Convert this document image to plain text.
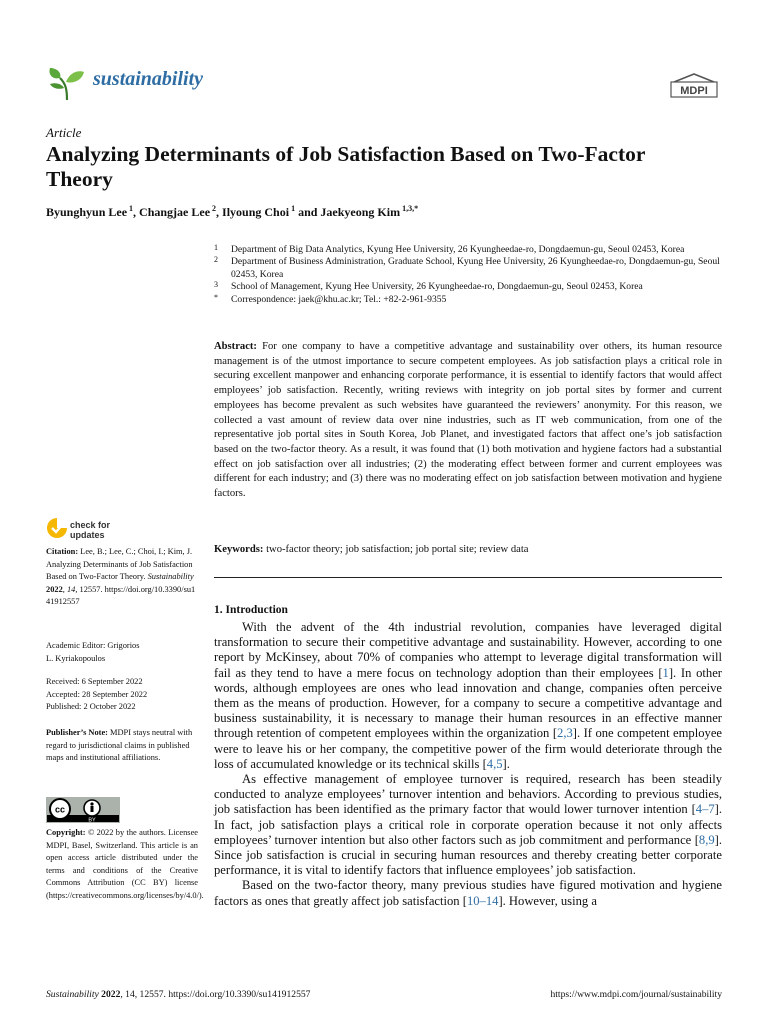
sustainability
MDPI
Article
Analyzing Determinants of Job Satisfaction Based on Two-Factor Theory
Byunghyun Lee $^1$, Changjae Lee $^2$, Ilyoung Choi $^1$ and Jaekyeong Kim $^{1,3,*}$
1 Department of Big Data Analytics, Kyung Hee University, 26 Kyungheedae-ro, Dongdaemun-gu, Seoul 02453, Korea
2 Department of Business Administration, Graduate School, Kyung Hee University, 26 Kyungheedae-ro, Dongdaemun-gu, Seoul 02453, Korea
3 School of Management, Kyung Hee University, 26 Kyungheedae-ro, Dongdaemun-gu, Seoul 02453, Korea
* Correspondence: jaek@khu.ac.kr; Tel.: +82-2-961-9355
Abstract: For one company to have a competitive advantage and sustainability over others, its human resource management is of the utmost importance to secure competent employees. As job satisfaction plays a critical role in securing excellent manpower and enhancing corporate performance, it is essential to identify factors that would affect employees’ job satisfaction. Recently, writing reviews with integrity on job portal sites by former and current employees has become prevalent as such websites have guaranteed the reviewers’ anonymity. For this reason, we collected a vast amount of review data over nine industries, such as IT web communication, from one of the representative job portal sites in South Korea, Job Planet, and investigated factors that affect one’s job satisfaction based on the two-factor theory. As a result, it was found that (1) both motivation and hygiene factors had a substantial effect on job satisfaction over all industries; (2) the moderating effect between former and current employees was different for each industry; and (3) there was no moderating effect on job satisfaction between motivation and hygiene factors.
Keywords: two-factor theory; job satisfaction; job portal site; review data
check for
updates
Citation: Lee, B.; Lee, C.; Choi, I.; Kim, J. Analyzing Determinants of Job Satisfaction Based on Two-Factor Theory. Sustainability 2022, 14, 12557. https://doi.org/10.3390/su141912557
Academic Editor: Grigorios
L. Kyriakopoulos
Received: 6 September 2022
Accepted: 28 September 2022
Published: 2 October 2022
Publisher’s Note: MDPI stays neutral with regard to jurisdictional claims in published maps and institutional affiliations.
cc
BY
Copyright: © 2022 by the authors. Licensee MDPI, Basel, Switzerland. This article is an open access article distributed under the terms and conditions of the Creative Commons Attribution (CC BY) license (https://creativecommons.org/licenses/by/4.0/).
1. Introduction

With the advent of the 4th industrial revolution, companies have leveraged digital transformation to secure their competitive advantage and sustainability. However, according to one report by McKinsey, about 70% of companies who attempt to leverage digital transformation will fail as they tend to have a mere focus on technology adoption than their employees [1]. In other words, although employees are ones who lead innovation and change, companies often perceive them as the means of production. However, for a company to secure a competitive advantage and business sustainability, it is necessary to manage their human resources in an effective manner through retention of competent employees within the organization [2,3]. If one competent employee were to leave his or her company, the competitive power of the firm would deteriorate through the loss of accumulated knowledge or its technical skills [4,5].

As effective management of employee turnover is required, research has been steadily conducted to analyze employees’ turnover intention and behaviors. According to previous studies, job satisfaction has been identified as the primary factor that would lower turnover intention [4–7]. In fact, job satisfaction plays a critical role in corporate operation because it not only affects employees’ turnover intention but also other factors such as job commitment and performance [8,9]. Since job satisfaction is crucial in securing human resources and thereby creating better corporate performance, it is vital to identify factors that influence employees’ job satisfaction.

Based on the two-factor theory, many previous studies have figured motivation and hygiene factors as ones that greatly affect job satisfaction [10–14]. However, using a

Sustainability 2022, 14, 12557. https://doi.org/10.3390/su141912557	https://www.mdpi.com/journal/sustainability
